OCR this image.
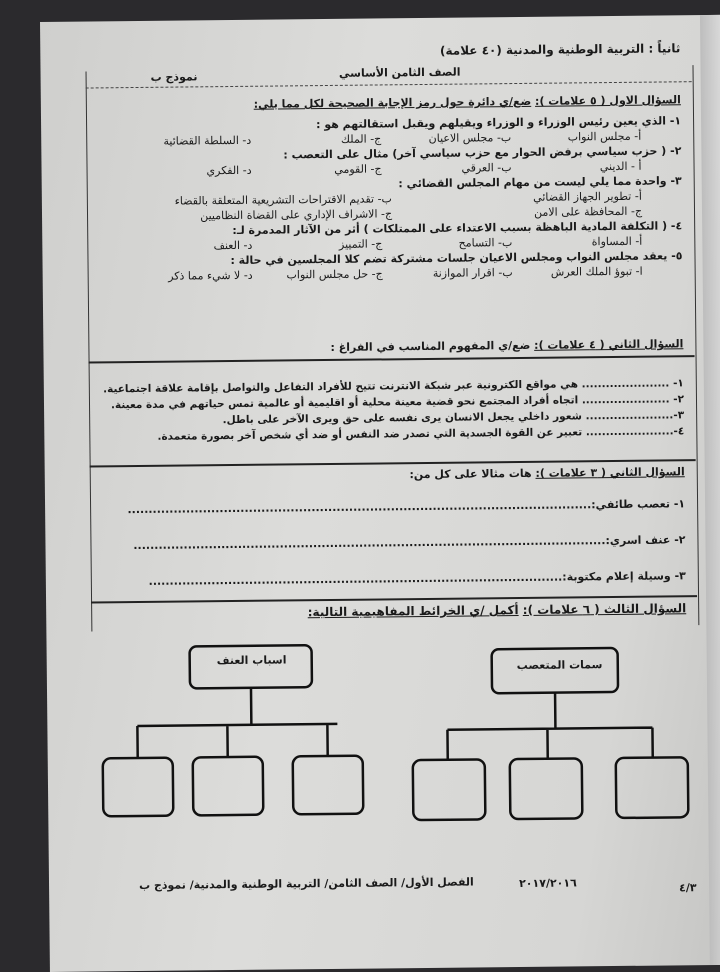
ثانياً : التربية الوطنية والمدنية (٤٠ علامة)
الصف الثامن الأساسي
نموذج ب
السؤال الاول ( ٥ علامات ): ضع/ي دائرة حول رمز الإجابة الصحيحة لكل مما يلي:
١- الذي يعين رئيس الوزراء و الوزراء ويقيلهم ويقبل استقالتهم هو :
أ- مجلس النواب
ب- مجلس الاعيان
ج- الملك
د- السلطة القضائية
٢- ( حزب سياسي برفض الحوار مع حزب سياسي آخر) مثال على التعصب :
أ - الديني
ب- العرقي
ج- القومي
د- الفكري
٣- واحدة مما يلي ليست من مهام المجلس القضائي :
أ- تطوير الجهاز القضائي
ب- تقديم الاقتراحات التشريعية المتعلقة بالقضاء
ج- المحافظة على الامن
ج- الاشراف الإداري على القضاة النظاميين
٤- ( التكلفة المادية الباهظة بسبب الاعتداء على الممتلكات ) أثر من الآثار المدمرة لـ:
أ- المساواة
ب- التسامح
ج- التمييز
د- العنف
٥- يعقد مجلس النواب ومجلس الاعيان جلسات مشتركة تضم كلا المجلسين في حالة :
ا- تبوؤ الملك العرش
ب- اقرار الموازنة
ج- حل مجلس النواب
د- لا شيء مما ذكر
السؤال الثاني ( ٤ علامات ): ضع/ي المفهوم المناسب في الفراغ :
١- ...................... هي مواقع الكترونية عبر شبكة الانترنت تتيح للأفراد التفاعل والتواصل بإقامة علاقة اجتماعية.
٢- ...................... اتجاه أفراد المجتمع نحو قضية معينة محلية أو اقليمية أو عالمية تمس حياتهم في مدة معينة.
٣-...................... شعور داخلي يجعل الانسان يرى نفسه على حق ويرى الآخر على باطل.
٤-...................... تعبير عن القوة الجسدية التي تصدر ضد النفس أو ضد أي شخص آخر بصورة متعمدة.
السؤال الثاني ( ٣ علامات ): هات مثالا على كل من:
١- تعصب طائفي:...............................................................................................................
٢- عنف اسري:.................................................................................................................
٣- وسيلة إعلام مكتوبة:...................................................................................................
السؤال الثالث ( ٦ علامات ): أكمل /ي الخرائط المفاهيمية التالية:
اسباب العنف	سمات المتعصب
الفصل الأول/ الصف الثامن/ التربية الوطنية والمدنية/ نموذج ب	٢٠١٧/٢٠١٦	٤/٣
